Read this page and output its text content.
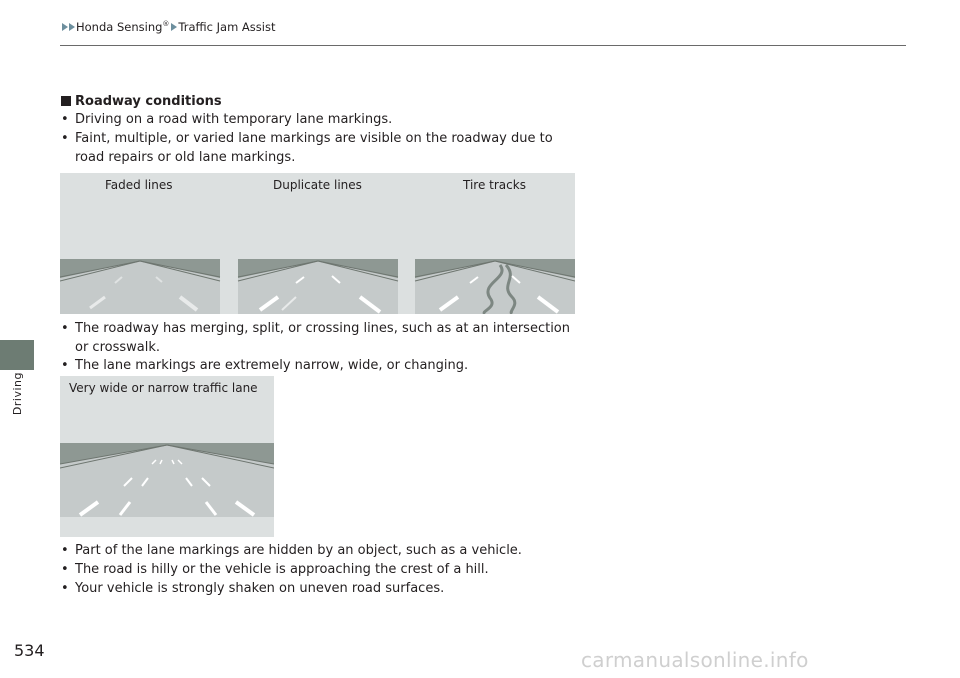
Honda Sensing® Traffic Jam Assist
Driving
Roadway conditions
• Driving on a road with temporary lane markings.
• Faint, multiple, or varied lane markings are visible on the roadway due to road repairs or old lane markings.
Faded lines	Duplicate lines	Tire tracks
• The roadway has merging, split, or crossing lines, such as at an intersection or crosswalk.
• The lane markings are extremely narrow, wide, or changing.
Very wide or narrow traffic lane
• Part of the lane markings are hidden by an object, such as a vehicle.
• The road is hilly or the vehicle is approaching the crest of a hill.
• Your vehicle is strongly shaken on uneven road surfaces.
534	carmanualsonline.info
